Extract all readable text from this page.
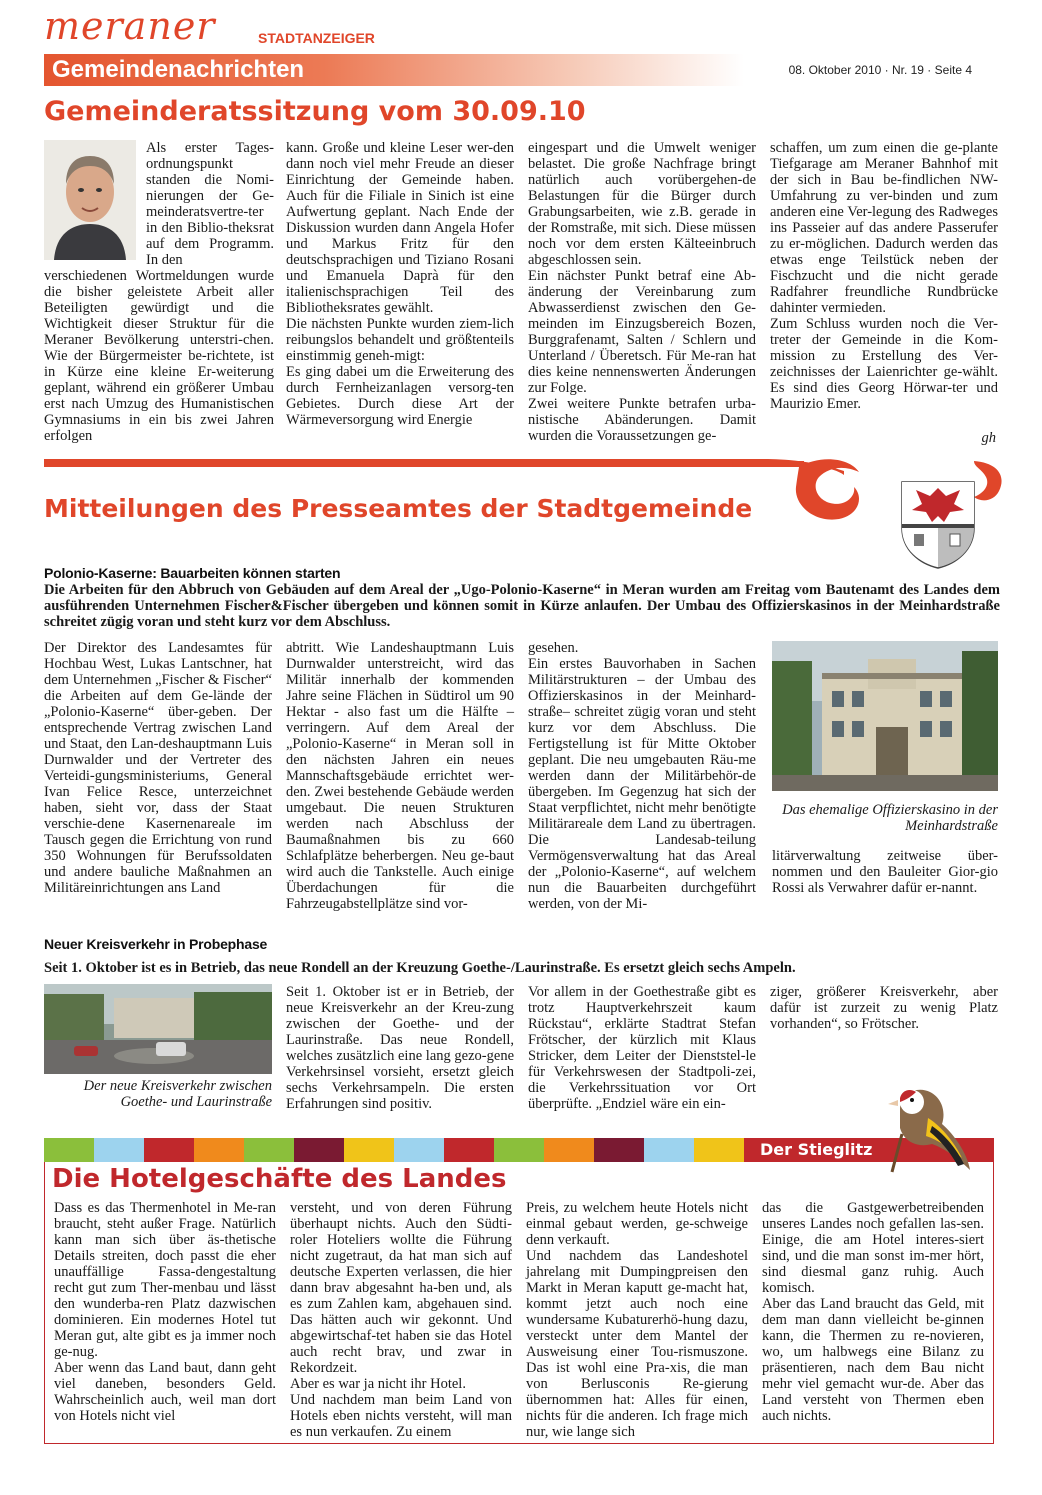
meraner	STADTANZEIGER
Gemeindenachrichten	08. Oktober 2010 · Nr. 19 · Seite 4
Gemeinderatssitzung vom 30.09.10
Als erster Tages-ordnungspunkt standen die Nomi-nierungen der Ge-meinderatsvertre-ter in den Biblio-theksrat auf dem Programm. In den
verschiedenen Wortmeldungen wurde die bisher geleistete Arbeit aller Beteiligten gewürdigt und die Wichtigkeit dieser Struktur für die Meraner Bevölkerung unterstri-chen. Wie der Bürgermeister be-richtete, ist in Kürze eine kleine Er-weiterung geplant, während ein größerer Umbau erst nach Umzug des Humanistischen Gymnasiums in ein bis zwei Jahren erfolgen
kann. Große und kleine Leser wer-den dann noch viel mehr Freude an dieser Einrichtung der Gemeinde haben. Auch für die Filiale in Sinich ist eine Aufwertung geplant. Nach Ende der Diskussion wurden dann Angela Hofer und Markus Fritz für den deutschsprachigen und Tiziano Rosani und Emanuela Daprà für den italienischsprachigen Teil des Bibliotheksrates gewählt.
Die nächsten Punkte wurden ziem-lich reibungslos behandelt und größtenteils einstimmig geneh-migt:
Es ging dabei um die Erweiterung des durch Fernheizanlagen versorg-ten Gebietes. Durch diese Art der Wärmeversorgung wird Energie
eingespart und die Umwelt weniger belastet. Die große Nachfrage bringt natürlich auch vorübergehen-de Belastungen für die Bürger durch Grabungsarbeiten, wie z.B. gerade in der Romstraße, mit sich. Diese müssen noch vor dem ersten Kälteeinbruch abgeschlossen sein.
Ein nächster Punkt betraf eine Ab-änderung der Vereinbarung zum Abwasserdienst zwischen den Ge-meinden im Einzugsbereich Bozen, Burggrafenamt, Salten / Schlern und Unterland / Überetsch. Für Me-ran hat dies keine nennenswerten Änderungen zur Folge.
Zwei weitere Punkte betrafen urba-nistische Abänderungen. Damit wurden die Voraussetzungen ge-
schaffen, um zum einen die ge-plante Tiefgarage am Meraner Bahnhof mit der sich in Bau be-findlichen NW-Umfahrung zu ver-binden und zum anderen eine Ver-legung des Radweges ins Passeier auf das andere Passerufer zu er-möglichen. Dadurch werden das etwas enge Teilstück neben der Fischzucht und die nicht gerade Radfahrer freundliche Rundbrücke dahinter vermieden.
Zum Schluss wurden noch die Ver-treter der Gemeinde in die Kom-mission zu Erstellung des Ver-zeichnisses der Laienrichter ge-wählt. Es sind dies Georg Hörwar-ter und Maurizio Emer.
gh
Mitteilungen des Presseamtes der Stadtgemeinde
Polonio-Kaserne: Bauarbeiten können starten
Die Arbeiten für den Abbruch von Gebäuden auf dem Areal der „Ugo-Polonio-Kaserne“ in Meran wurden am Freitag vom Bautenamt des Landes dem ausführenden Unternehmen Fischer&Fischer übergeben und können somit in Kürze anlaufen. Der Umbau des Offizierskasinos in der Meinhardstraße schreitet zügig voran und steht kurz vor dem Abschluss.
Der Direktor des Landesamtes für Hochbau West, Lukas Lantschner, hat dem Unternehmen „Fischer & Fischer“ die Arbeiten auf dem Ge-lände der „Polonio-Kaserne“ über-geben. Der entsprechende Vertrag zwischen Land und Staat, den Lan-deshauptmann Luis Durnwalder und der Vertreter des Verteidi-gungsministeriums, General Ivan Felice Resce, unterzeichnet haben, sieht vor, dass der Staat verschie-dene Kasernenareale im Tausch gegen die Errichtung von rund 350 Wohnungen für Berufssoldaten und andere bauliche Maßnahmen an Militäreinrichtungen ans Land
abtritt. Wie Landeshauptmann Luis Durnwalder unterstreicht, wird das Militär innerhalb der kommenden Jahre seine Flächen in Südtirol um 90 Hektar - also fast um die Hälfte – verringern. Auf dem Areal der „Polonio-Kaserne“ in Meran soll in den nächsten Jahren ein neues Mannschaftsgebäude errichtet wer-den. Zwei bestehende Gebäude werden umgebaut. Die neuen Strukturen werden nach Abschluss der Baumaßnahmen bis zu 660 Schlafplätze beherbergen. Neu ge-baut wird auch die Tankstelle. Auch einige Überdachungen für die Fahrzeugabstellplätze sind vor-
gesehen.
Ein erstes Bauvorhaben in Sachen Militärstrukturen – der Umbau des Offizierskasinos in der Meinhard-straße– schreitet zügig voran und steht kurz vor dem Abschluss. Die Fertigstellung ist für Mitte Oktober geplant. Die neu umgebauten Räu-me werden dann der Militärbehör-de übergeben. Im Gegenzug hat sich der Staat verpflichtet, nicht mehr benötigte Militärareale dem Land zu übertragen. Die Landesab-teilung Vermögensverwaltung hat das Areal der „Polonio-Kaserne“, auf welchem nun die Bauarbeiten durchgeführt werden, von der Mi-
Das ehemalige Offizierskasino in der Meinhardstraße
litärverwaltung zeitweise über-nommen und den Bauleiter Gior-gio Rossi als Verwahrer dafür er-nannt.
Neuer Kreisverkehr in Probephase
Seit 1. Oktober ist es in Betrieb, das neue Rondell an der Kreuzung Goethe-/Laurinstraße. Es ersetzt gleich sechs Ampeln.
Der neue Kreisverkehr zwischen Goethe- und Laurinstraße
Seit 1. Oktober ist er in Betrieb, der neue Kreisverkehr an der Kreu-zung zwischen der Goethe- und der Laurinstraße. Das neue Rondell, welches zusätzlich eine lang gezo-gene Verkehrsinsel vorsieht, ersetzt gleich sechs Verkehrsampeln. Die ersten Erfahrungen sind positiv.
Vor allem in der Goethestraße gibt es trotz Hauptverkehrszeit kaum Rückstau“, erklärte Stadtrat Stefan Frötscher, der kürzlich mit Klaus Stricker, dem Leiter der Dienststel-le für Verkehrswesen der Stadtpoli-zei, die Verkehrssituation vor Ort überprüfte. „Endziel wäre ein ein-
ziger, größerer Kreisverkehr, aber dafür ist zurzeit zu wenig Platz vorhanden“, so Frötscher.
Der Stieglitz
Die Hotelgeschäfte des Landes
Dass es das Thermenhotel in Me-ran braucht, steht außer Frage. Natürlich kann man sich über äs-thetische Details streiten, doch passt die eher unauffällige Fassa-dengestaltung recht gut zum Ther-menbau und lässt den wunderba-ren Platz dazwischen dominieren. Ein modernes Hotel tut Meran gut, alte gibt es ja immer noch ge-nug.
Aber wenn das Land baut, dann geht viel daneben, besonders Geld. Wahrscheinlich auch, weil man dort von Hotels nicht viel
versteht, und von deren Führung überhaupt nichts. Auch den Südti-roler Hoteliers wollte die Führung nicht zugetraut, da hat man sich auf deutsche Experten verlassen, die hier dann brav abgesahnt ha-ben und, als es zum Zahlen kam, abgehauen sind. Das hätten auch wir gekonnt. Und abgewirtschaf-tet haben sie das Hotel auch recht brav, und zwar in Rekordzeit.
Aber es war ja nicht ihr Hotel.
Und nachdem man beim Land von Hotels eben nichts versteht, will man es nun verkaufen. Zu einem
Preis, zu welchem heute Hotels nicht einmal gebaut werden, ge-schweige denn verkauft.
Und nachdem das Landeshotel jahrelang mit Dumpingpreisen den Markt in Meran kaputt ge-macht hat, kommt jetzt auch noch eine wundersame Kubaturerhö-hung dazu, versteckt unter dem Mantel der Ausweisung einer Tou-rismuszone. Das ist wohl eine Pra-xis, die man von Berlusconis Re-gierung übernommen hat: Alles für einen, nichts für die anderen. Ich frage mich nur, wie lange sich
das die Gastgewerbetreibenden unseres Landes noch gefallen las-sen. Einige, die am Hotel interes-siert sind, und die man sonst im-mer hört, sind diesmal ganz ruhig. Auch komisch.
Aber das Land braucht das Geld, mit dem man dann vielleicht be-ginnen kann, die Thermen zu re-novieren, wo, um halbwegs eine Bilanz zu präsentieren, nach dem Bau nicht mehr viel gemacht wur-de. Aber das Land versteht von Thermen eben auch nichts.
